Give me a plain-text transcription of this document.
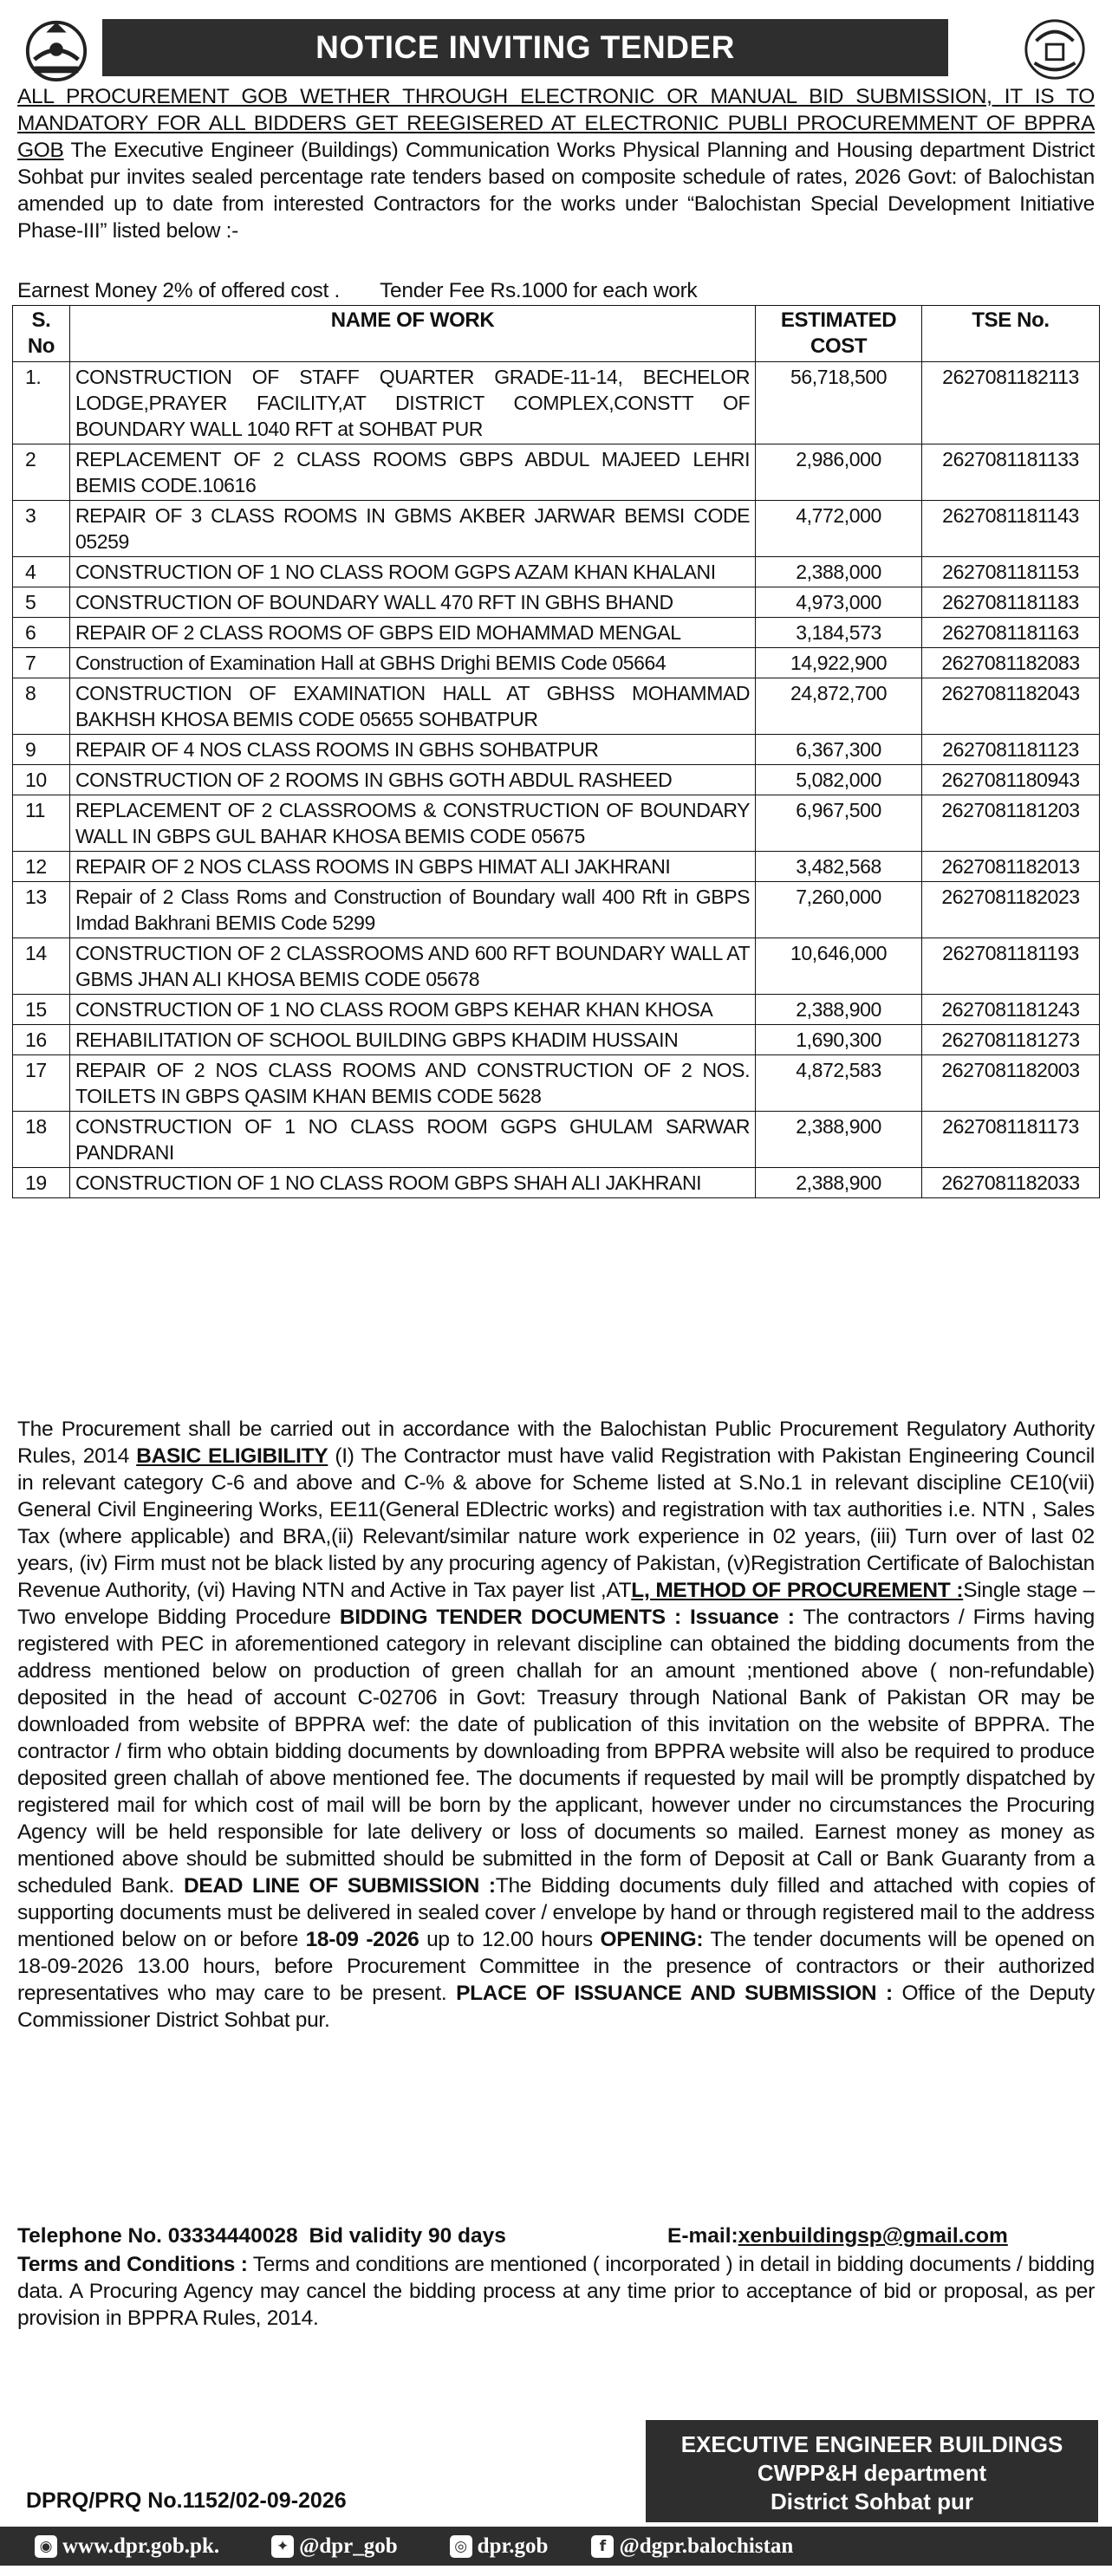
NOTICE INVITING TENDER
ALL PROCUREMENT GOB WETHER THROUGH ELECTRONIC OR MANUAL BID SUBMISSION, IT IS TO MANDATORY FOR ALL BIDDERS GET REEGISERED AT ELECTRONIC PUBLI PROCUREMMENT OF BPPRA GOB The Executive Engineer (Buildings) Communication Works Physical Planning and Housing department District Sohbat pur invites sealed percentage rate tenders based on composite schedule of rates, 2026 Govt: of Balochistan amended up to date from interested Contractors for the works under “Balochistan Special Development Initiative Phase-III” listed below :-
Earnest Money 2% of offered cost . Tender Fee Rs.1000 for each work
S. No	NAME OF WORK	ESTIMATED COST	TSE No.
1.	CONSTRUCTION OF STAFF QUARTER GRADE-11-14, BECHELOR LODGE,PRAYER FACILITY,AT DISTRICT COMPLEX,CONSTT OF BOUNDARY WALL 1040 RFT at SOHBAT PUR	56,718,500	2627081182113
2	REPLACEMENT OF 2 CLASS ROOMS GBPS ABDUL MAJEED LEHRI BEMIS CODE.10616	2,986,000	2627081181133
3	REPAIR OF 3 CLASS ROOMS IN GBMS AKBER JARWAR BEMSI CODE 05259	4,772,000	2627081181143
4	CONSTRUCTION OF 1 NO CLASS ROOM GGPS AZAM KHAN KHALANI	2,388,000	2627081181153
5	CONSTRUCTION OF BOUNDARY WALL 470 RFT IN GBHS BHAND	4,973,000	2627081181183
6	REPAIR OF 2 CLASS ROOMS OF GBPS EID MOHAMMAD MENGAL	3,184,573	2627081181163
7	Construction of Examination Hall at GBHS Drighi BEMIS Code 05664	14,922,900	2627081182083
8	CONSTRUCTION OF EXAMINATION HALL AT GBHSS MOHAMMAD BAKHSH KHOSA BEMIS CODE 05655 SOHBATPUR	24,872,700	2627081182043
9	REPAIR OF 4 NOS CLASS ROOMS IN GBHS SOHBATPUR	6,367,300	2627081181123
10	CONSTRUCTION OF 2 ROOMS IN GBHS GOTH ABDUL RASHEED	5,082,000	2627081180943
11	REPLACEMENT OF 2 CLASSROOMS & CONSTRUCTION OF BOUNDARY WALL IN GBPS GUL BAHAR KHOSA BEMIS CODE 05675	6,967,500	2627081181203
12	REPAIR OF 2 NOS CLASS ROOMS IN GBPS HIMAT ALI JAKHRANI	3,482,568	2627081182013
13	Repair of 2 Class Roms and Construction of Boundary wall 400 Rft in GBPS Imdad Bakhrani BEMIS Code 5299	7,260,000	2627081182023
14	CONSTRUCTION OF 2 CLASSROOMS AND 600 RFT BOUNDARY WALL AT GBMS JHAN ALI KHOSA BEMIS CODE 05678	10,646,000	2627081181193
15	CONSTRUCTION OF 1 NO CLASS ROOM GBPS KEHAR KHAN KHOSA	2,388,900	2627081181243
16	REHABILITATION OF SCHOOL BUILDING GBPS KHADIM HUSSAIN	1,690,300	2627081181273
17	REPAIR OF 2 NOS CLASS ROOMS AND CONSTRUCTION OF 2 NOS. TOILETS IN GBPS QASIM KHAN BEMIS CODE 5628	4,872,583	2627081182003
18	CONSTRUCTION OF 1 NO CLASS ROOM GGPS GHULAM SARWAR PANDRANI	2,388,900	2627081181173
19	CONSTRUCTION OF 1 NO CLASS ROOM GBPS SHAH ALI JAKHRANI	2,388,900	2627081182033
The Procurement shall be carried out in accordance with the Balochistan Public Procurement Regulatory Authority Rules, 2014 BASIC ELIGIBILITY (I) The Contractor must have valid Registration with Pakistan Engineering Council in relevant category C-6 and above and C-% & above for Scheme listed at S.No.1 in relevant discipline CE10(vii) General Civil Engineering Works, EE11(General EDlectric works) and registration with tax authorities i.e. NTN , Sales Tax (where applicable) and BRA,(ii) Relevant/similar nature work experience in 02 years, (iii) Turn over of last 02 years, (iv) Firm must not be black listed by any procuring agency of Pakistan, (v)Registration Certificate of Balochistan Revenue Authority, (vi) Having NTN and Active in Tax payer list ,ATL, METHOD OF PROCUREMENT :Single stage – Two envelope Bidding Procedure BIDDING TENDER DOCUMENTS : Issuance : The contractors / Firms having registered with PEC in aforementioned category in relevant discipline can obtained the bidding documents from the address mentioned below on production of green challah for an amount ;mentioned above ( non-refundable) deposited in the head of account C-02706 in Govt: Treasury through National Bank of Pakistan OR may be downloaded from website of BPPRA wef: the date of publication of this invitation on the website of BPPRA. The contractor / firm who obtain bidding documents by downloading from BPPRA website will also be required to produce deposited green challah of above mentioned fee. The documents if requested by mail will be promptly dispatched by registered mail for which cost of mail will be born by the applicant, however under no circumstances the Procuring Agency will be held responsible for late delivery or loss of documents so mailed. Earnest money as money as mentioned above should be submitted should be submitted in the form of Deposit at Call or Bank Guaranty from a scheduled Bank. DEAD LINE OF SUBMISSION :The Bidding documents duly filled and attached with copies of supporting documents must be delivered in sealed cover / envelope by hand or through registered mail to the address mentioned below on or before 18-09 -2026 up to 12.00 hours OPENING: The tender documents will be opened on 18-09-2026 13.00 hours, before Procurement Committee in the presence of contractors or their authorized representatives who may care to be present. PLACE OF ISSUANCE AND SUBMISSION : Office of the Deputy Commissioner District Sohbat pur.
Telephone No. 03334440028 Bid validity 90 days	E-mail:xenbuildingsp@gmail.com
Terms and Conditions : Terms and conditions are mentioned ( incorporated ) in detail in bidding documents / bidding data. A Procuring Agency may cancel the bidding process at any time prior to acceptance of bid or proposal, as per provision in BPPRA Rules, 2014.
EXECUTIVE ENGINEER BUILDINGS
CWPP&H department
District Sohbat pur
DPRQ/PRQ No.1152/02-09-2026
◉ www.dpr.gob.pk.	✦ @dpr_gob	◎ dpr.gob	f @dgpr.balochistan
